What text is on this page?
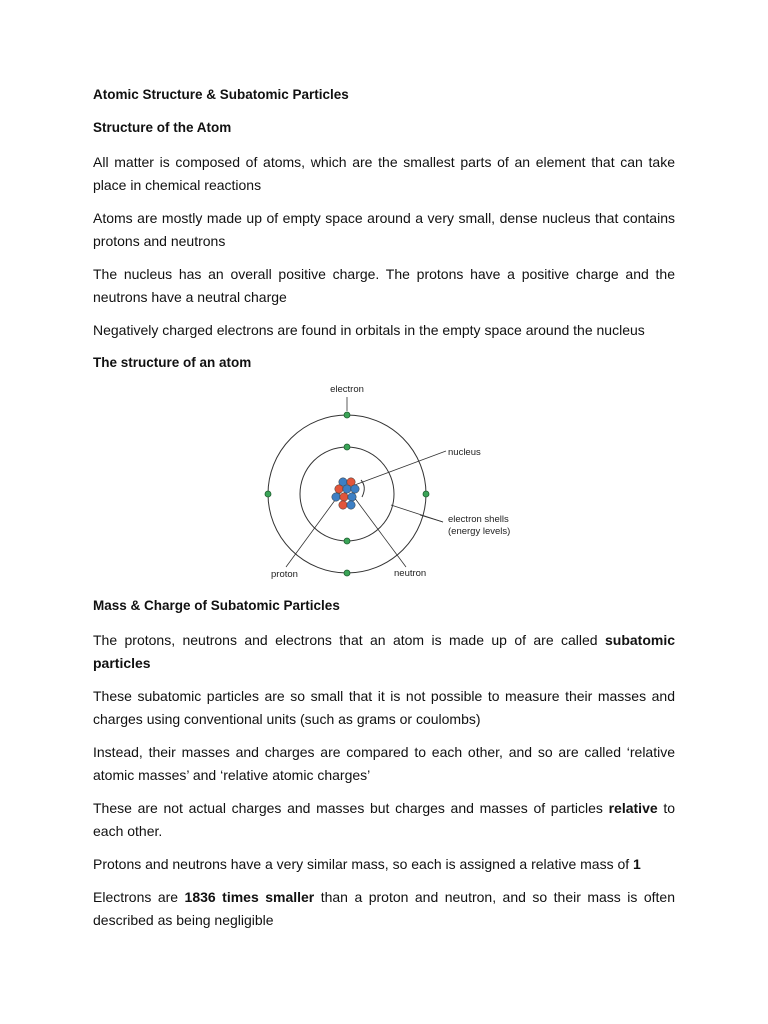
Atomic Structure & Subatomic Particles

Structure of the Atom

All matter is composed of atoms, which are the smallest parts of an element that can take place in chemical reactions

Atoms are mostly made up of empty space around a very small, dense nucleus that contains protons and neutrons

The nucleus has an overall positive charge. The protons have a positive charge and the neutrons have a neutral charge

Negatively charged electrons are found in orbitals in the empty space around the nucleus

The structure of an atom

electron
nucleus
electron shells
(energy levels)
proton	neutron

Mass & Charge of Subatomic Particles

The protons, neutrons and electrons that an atom is made up of are called subatomic particles

These subatomic particles are so small that it is not possible to measure their masses and charges using conventional units (such as grams or coulombs)

Instead, their masses and charges are compared to each other, and so are called ‘relative atomic masses’ and ‘relative atomic charges’

These are not actual charges and masses but charges and masses of particles relative to each other.

Protons and neutrons have a very similar mass, so each is assigned a relative mass of 1

Electrons are 1836 times smaller than a proton and neutron, and so their mass is often described as being negligible
